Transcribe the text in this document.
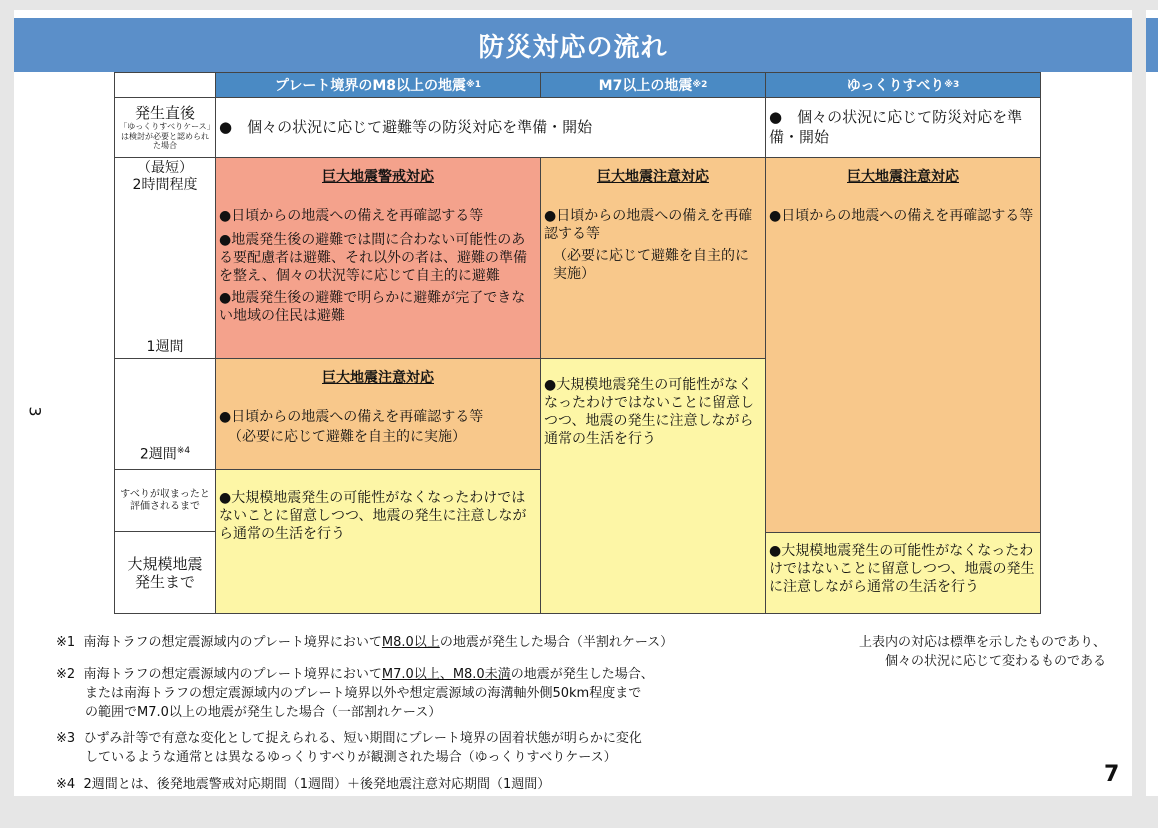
防災対応の流れ
3
プレート境界のM8以上の地震 ※1	M7以上の地震 ※2	ゆっくりすべり ※3
発生直後
「ゆっくりすべりケース」は検討が必要と認められた場合
（最短）
2時間程度
1週間
2週間$^{※4}$
すべりが収まったと評価されるまで
大規模地震発生まで
●　個々の状況に応じて避難等の防災対応を準備・開始
●　個々の状況に応じて防災対応を準備・開始
巨大地震警戒対応
●日頃からの地震への備えを再確認する等
●地震発生後の避難では間に合わない可能性のある要配慮者は避難、それ以外の者は、避難の準備を整え、個々の状況等に応じて自主的に避難
●地震発生後の避難で明らかに避難が完了できない地域の住民は避難
巨大地震注意対応
●日頃からの地震への備えを再確認する等
（必要に応じて避難を自主的に実施）
●大規模地震発生の可能性がなくなったわけではないことに留意しつつ、地震の発生に注意しながら通常の生活を行う
巨大地震注意対応
●日頃からの地震への備えを再確認する等
（必要に応じて避難を自主的に実施）
●大規模地震発生の可能性がなくなったわけではないことに留意しつつ、地震の発生に注意しながら通常の生活を行う
巨大地震注意対応
●日頃からの地震への備えを再確認する等
●大規模地震発生の可能性がなくなったわけではないことに留意しつつ、地震の発生に注意しながら通常の生活を行う
※1 南海トラフの想定震源域内のプレート境界においてM8.0以上の地震が発生した場合（半割れケース）
※2 南海トラフの想定震源域内のプレート境界においてM7.0以上、M8.0未満の地震が発生した場合、
または南海トラフの想定震源域内のプレート境界以外や想定震源域の海溝軸外側50km程度まで
の範囲でM7.0以上の地震が発生した場合（一部割れケース）
※3 ひずみ計等で有意な変化として捉えられる、短い期間にプレート境界の固着状態が明らかに変化
しているような通常とは異なるゆっくりすべりが観測された場合（ゆっくりすべりケース）
※4 2週間とは、後発地震警戒対応期間（1週間）＋後発地震注意対応期間（1週間）
上表内の対応は標準を示したものであり、
個々の状況に応じて変わるものである
7
